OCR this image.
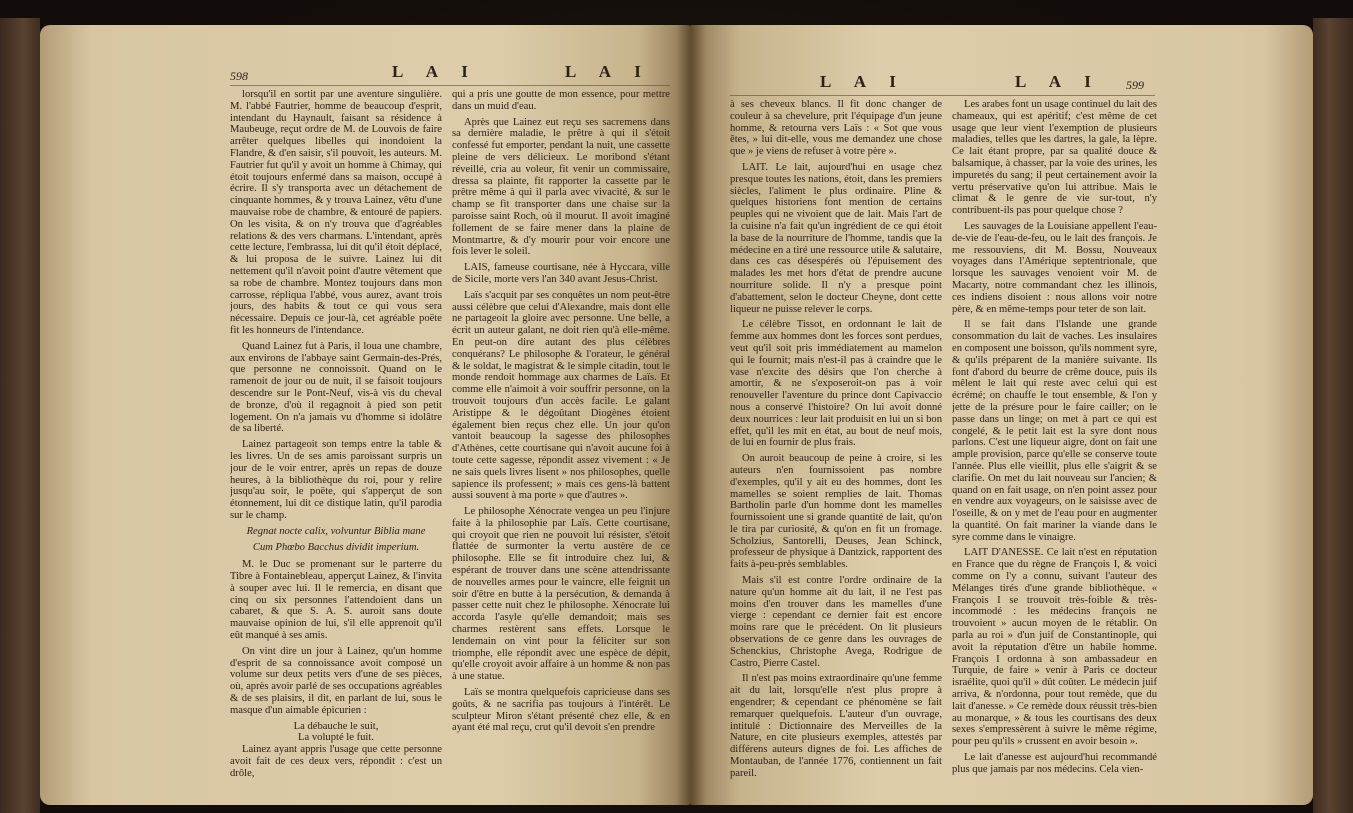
598	L A I	L A I

lorsqu'il en sortit par une aventure singulière. M. l'abbé Fautrier, homme de beaucoup d'esprit, intendant du Haynault, faisant sa résidence à Maubeuge, reçut ordre de M. de Louvois de faire arrêter quelques libelles qui inondoient la Flandre, & d'en saisir, s'il pouvoit, les auteurs. M. Fautrier fut qu'il y avoit un homme à Chimay, qui étoit toujours enfermé dans sa maison, occupé à écrire. Il s'y transporta avec un détachement de cinquante hommes, & y trouva Lainez, vêtu d'une mauvaise robe de chambre, & entouré de papiers. On les visita, & on n'y trouva que d'agréables relations & des vers charmans. L'intendant, après cette lecture, l'embrassa, lui dit qu'il étoit déplacé, & lui proposa de le suivre. Lainez lui dit nettement qu'il n'avoit point d'autre vêtement que sa robe de chambre. Montez toujours dans mon carrosse, répliqua l'abbé, vous aurez, avant trois jours, des habits & tout ce qui vous sera nécessaire. Depuis ce jour-là, cet agréable poëte fit les honneurs de l'intendance.

Quand Lainez fut à Paris, il loua une chambre, aux environs de l'abbaye saint Germain-des-Prés, que personne ne connoissoit. Quand on le ramenoit de jour ou de nuit, il se faisoit toujours descendre sur le Pont-Neuf, vis-à vis du cheval de bronze, d'où il regagnoit à pied son petit logement. On n'a jamais vu d'homme si idolâtre de sa liberté.

Lainez partageoit son temps entre la table & les livres. Un de ses amis paroissant surpris un jour de le voir entrer, après un repas de douze heures, à la bibliothèque du roi, pour y relire jusqu'au soir, le poëte, qui s'apperçut de son étonnement, lui dit ce distique latin, qu'il parodia sur le champ.

Regnat nocte calix, volvuntur Biblia mane

Cum Phœbo Bacchus dividit imperium.

M. le Duc se promenant sur le parterre du Tibre à Fontainebleau, apperçut Lainez, & l'invita à souper avec lui. Il le remercia, en disant que cinq ou six personnes l'attendoient dans un cabaret, & que S. A. S. auroit sans doute mauvaise opinion de lui, s'il elle apprenoit qu'il eût manqué à ses amis.

On vint dire un jour à Lainez, qu'un homme d'esprit de sa connoissance avoit composé un volume sur deux petits vers d'une de ses pièces, où, après avoir parlé de ses occupations agréables & de ses plaisirs, il dit, en parlant de lui, sous le masque d'un aimable épicurien :

La débauche le suit,

La volupté le fuit.

Lainez ayant appris l'usage que cette personne avoit fait de ces deux vers, répondit : c'est un drôle,

qui a pris une goutte de mon essence, pour mettre dans un muid d'eau.

Après que Lainez eut reçu ses sacremens dans sa dernière maladie, le prêtre à qui il s'étoit confessé fut emporter, pendant la nuit, une cassette pleine de vers délicieux. Le moribond s'étant réveillé, cria au voleur, fit venir un commissaire, dressa sa plainte, fit rapporter la cassette par le prêtre même à qui il parla avec vivacité, & sur le champ se fit transporter dans une chaise sur la paroisse saint Roch, où il mourut. Il avoit imaginé follement de se faire mener dans la plaine de Montmartre, & d'y mourir pour voir encore une fois lever le soleil.

LAIS, fameuse courtisane, née à Hyccara, ville de Sicile, morte vers l'an 340 avant Jesus-Christ.

Laïs s'acquit par ses conquêtes un nom peut-être aussi célèbre que celui d'Alexandre, mais dont elle ne partageoit la gloire avec personne. Une belle, a écrit un auteur galant, ne doit rien qu'à elle-même. En peut-on dire autant des plus célèbres conquérans? Le philosophe & l'orateur, le général & le soldat, le magistrat & le simple citadin, tout le monde rendoit hommage aux charmes de Laïs. Et comme elle n'aimoit à voir souffrir personne, on la trouvoit toujours d'un accès facile. Le galant Aristippe & le dégoûtant Diogènes étoient également bien reçus chez elle. Un jour qu'on vantoit beaucoup la sagesse des philosophes d'Athènes, cette courtisane qui n'avoit aucune foi à toute cette sagesse, répondit assez vivement : « Je ne sais quels livres lisent » nos philosophes, quelle sapience ils professent; » mais ces gens-là battent aussi souvent à ma porte » que d'autres ».

Le philosophe Xénocrate vengea un peu l'injure faite à la philosophie par Laïs. Cette courtisane, qui croyoit que rien ne pouvoit lui résister, s'étoit flattée de surmonter la vertu austère de ce philosophe. Elle se fit introduire chez lui, & espérant de trouver dans une scène attendrissante de nouvelles armes pour le vaincre, elle feignit un soir d'être en butte à la persécution, & demanda à passer cette nuit chez le philosophe. Xénocrate lui accorda l'asyle qu'elle demandoit; mais ses charmes restèrent sans effets. Lorsque le lendemain on vint pour la féliciter sur son triomphe, elle répondit avec une espèce de dépit, qu'elle croyoit avoir affaire à un homme & non pas à une statue.

Laïs se montra quelquefois capricieuse dans ses goûts, & ne sacrifia pas toujours à l'intérêt. Le sculpteur Miron s'étant présenté chez elle, & en ayant été mal reçu, crut qu'il devoit s'en prendre

L A I	L A I 599

à ses cheveux blancs. Il fit donc changer de couleur à sa chevelure, prit l'équipage d'un jeune homme, & retourna vers Laïs : « Sot que vous êtes, » lui dit-elle, vous me demandez une chose que » je viens de refuser à votre père ».

LAIT. Le lait, aujourd'hui en usage chez presque toutes les nations, étoit, dans les premiers siècles, l'aliment le plus ordinaire. Pline & quelques historiens font mention de certains peuples qui ne vivoient que de lait. Mais l'art de la cuisine n'a fait qu'un ingrédient de ce qui étoit la base de la nourriture de l'homme, tandis que la médecine en a tiré une ressource utile & salutaire, dans ces cas désespérés où l'épuisement des malades les met hors d'état de prendre aucune nourriture solide. Il n'y a presque point d'abattement, selon le docteur Cheyne, dont cette liqueur ne puisse relever le corps.

Le célèbre Tissot, en ordonnant le lait de femme aux hommes dont les forces sont perdues, veut qu'il soit pris immédiatement au mamelon qui le fournit; mais n'est-il pas à craindre que le vase n'excite des désirs que l'on cherche à amortir, & ne s'exposeroit-on pas à voir renouveller l'aventure du prince dont Capivaccio nous a conservé l'histoire? On lui avoit donné deux nourrices : leur lait produisit en lui un si bon effet, qu'il les mit en état, au bout de neuf mois, de lui en fournir de plus frais.

On auroit beaucoup de peine à croire, si les auteurs n'en fournissoient pas nombre d'exemples, qu'il y ait eu des hommes, dont les mamelles se soient remplies de lait. Thomas Bartholin parle d'un homme dont les mamelles fournissoient une si grande quantité de lait, qu'on le tira par curiosité, & qu'on en fit un fromage. Scholzius, Santorelli, Deuses, Jean Schinck, professeur de physique à Dantzick, rapportent des faits à-peu-près semblables.

Mais s'il est contre l'ordre ordinaire de la nature qu'un homme ait du lait, il ne l'est pas moins d'en trouver dans les mamelles d'une vierge : cependant ce dernier fait est encore moins rare que le précédent. On lit plusieurs observations de ce genre dans les ouvrages de Schenckius, Christophe Avega, Rodrigue de Castro, Pierre Castel.

Il n'est pas moins extraordinaire qu'une femme ait du lait, lorsqu'elle n'est plus propre à engendrer; & cependant ce phénomène se fait remarquer quelquefois. L'auteur d'un ouvrage, intitulé : Dictionnaire des Merveilles de la Nature, en cite plusieurs exemples, attestés par différens auteurs dignes de foi. Les affiches de Montauban, de l'année 1776, contiennent un fait pareil.

Les arabes font un usage continuel du lait des chameaux, qui est apéritif; c'est même de cet usage que leur vient l'exemption de plusieurs maladies, telles que les dartres, la gale, la lèpre. Ce lait étant propre, par sa qualité douce & balsamique, à chasser, par la voie des urines, les impuretés du sang; il peut certainement avoir la vertu préservative qu'on lui attribue. Mais le climat & le genre de vie sur-tout, n'y contribuent-ils pas pour quelque chose ?

Les sauvages de la Louisiane appellent l'eau-de-vie de l'eau-de-feu, ou le lait des françois. Je me ressouviens, dit M. Bossu, Nouveaux voyages dans l'Amérique septentrionale, que lorsque les sauvages venoient voir M. de Macarty, notre commandant chez les illinois, ces indiens disoient : nous allons voir notre père, & en même-temps pour teter de son lait.

Il se fait dans l'Islande une grande consommation du lait de vaches. Les insulaires en composent une boisson, qu'ils nomment syre, & qu'ils préparent de la manière suivante. Ils font d'abord du beurre de crême douce, puis ils mêlent le lait qui reste avec celui qui est écrémé; on chauffe le tout ensemble, & l'on y jette de la présure pour le faire cailler; on le passe dans un linge; on met à part ce qui est congelé, & le petit lait est la syre dont nous parlons. C'est une liqueur aigre, dont on fait une ample provision, parce qu'elle se conserve toute l'année. Plus elle vieillit, plus elle s'aigrit & se clarifie. On met du lait nouveau sur l'ancien; & quand on en fait usage, on n'en point assez pour en vendre aux voyageurs, on le saisisse avec de l'oseille, & on y met de l'eau pour en augmenter la quantité. On fait mariner la viande dans le syre comme dans le vinaigre.

LAIT D'ANESSE. Ce lait n'est en réputation en France que du règne de François I, & voici comme on l'y a connu, suivant l'auteur des Mélanges tirés d'une grande bibliothèque. « François I se trouvoit très-foible & très-incommodé : les médecins françois ne trouvoient » aucun moyen de le rétablir. On parla au roi » d'un juif de Constantinople, qui avoit la réputation d'être un habile homme. François I ordonna à son ambassadeur en Turquie, de faire » venir à Paris ce docteur israélite, quoi qu'il » dût coûter. Le médecin juif arriva, & n'ordonna, pour tout remède, que du lait d'anesse. » Ce remède doux réussit très-bien au monarque, » & tous les courtisans des deux sexes s'empressèrent à suivre le même régime, pour peu qu'ils » crussent en avoir besoin ».

Le lait d'anesse est aujourd'hui recommandé plus que jamais par nos médecins. Cela vien-
